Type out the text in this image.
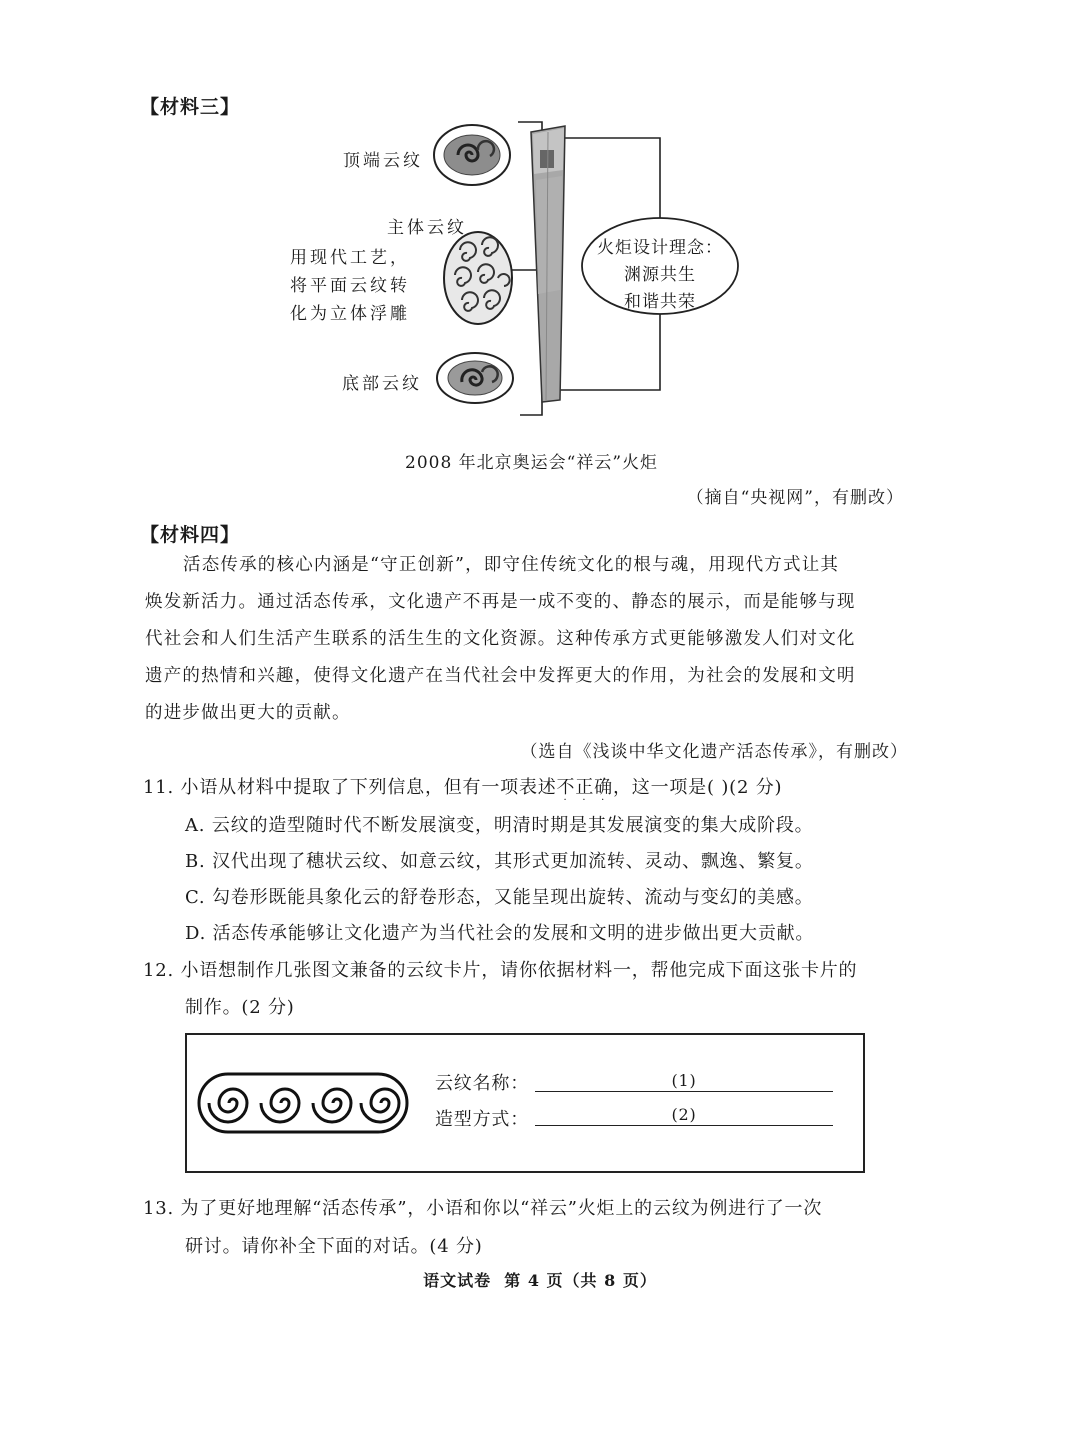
【材料三】
顶端云纹
主体云纹
用现代工艺，
将平面云纹转
化为立体浮雕
底部云纹
火炬设计理念：
渊源共生
和谐共荣
2008 年北京奥运会“祥云”火炬
（摘自“央视网”，有删改）
【材料四】
活态传承的核心内涵是“守正创新”，即守住传统文化的根与魂，用现代方式让其
焕发新活力。通过活态传承，文化遗产不再是一成不变的、静态的展示，而是能够与现
代社会和人们生活产生联系的活生生的文化资源。这种传承方式更能够激发人们对文化
遗产的热情和兴趣，使得文化遗产在当代社会中发挥更大的作用，为社会的发展和文明
的进步做出更大的贡献。
（选自《浅谈中华文化遗产活态传承》，有删改）
11. 小语从材料中提取了下列信息，但有一项表述不
·
正
·
确
·
，这一项是( )(2 分)
A. 云纹的造型随时代不断发展演变，明清时期是其发展演变的集大成阶段。
B. 汉代出现了穗状云纹、如意云纹，其形式更加流转、灵动、飘逸、繁复。
C. 勾卷形既能具象化云的舒卷形态，又能呈现出旋转、流动与变幻的美感。
D. 活态传承能够让文化遗产为当代社会的发展和文明的进步做出更大贡献。
12. 小语想制作几张图文兼备的云纹卡片，请你依据材料一，帮他完成下面这张卡片的
制作。(2 分)
云纹名称：	(1)
造型方式：	(2)
13. 为了更好地理解“活态传承”，小语和你以“祥云”火炬上的云纹为例进行了一次
研讨。请你补全下面的对话。(4 分)
语文试卷  第 4 页（共 8 页）
